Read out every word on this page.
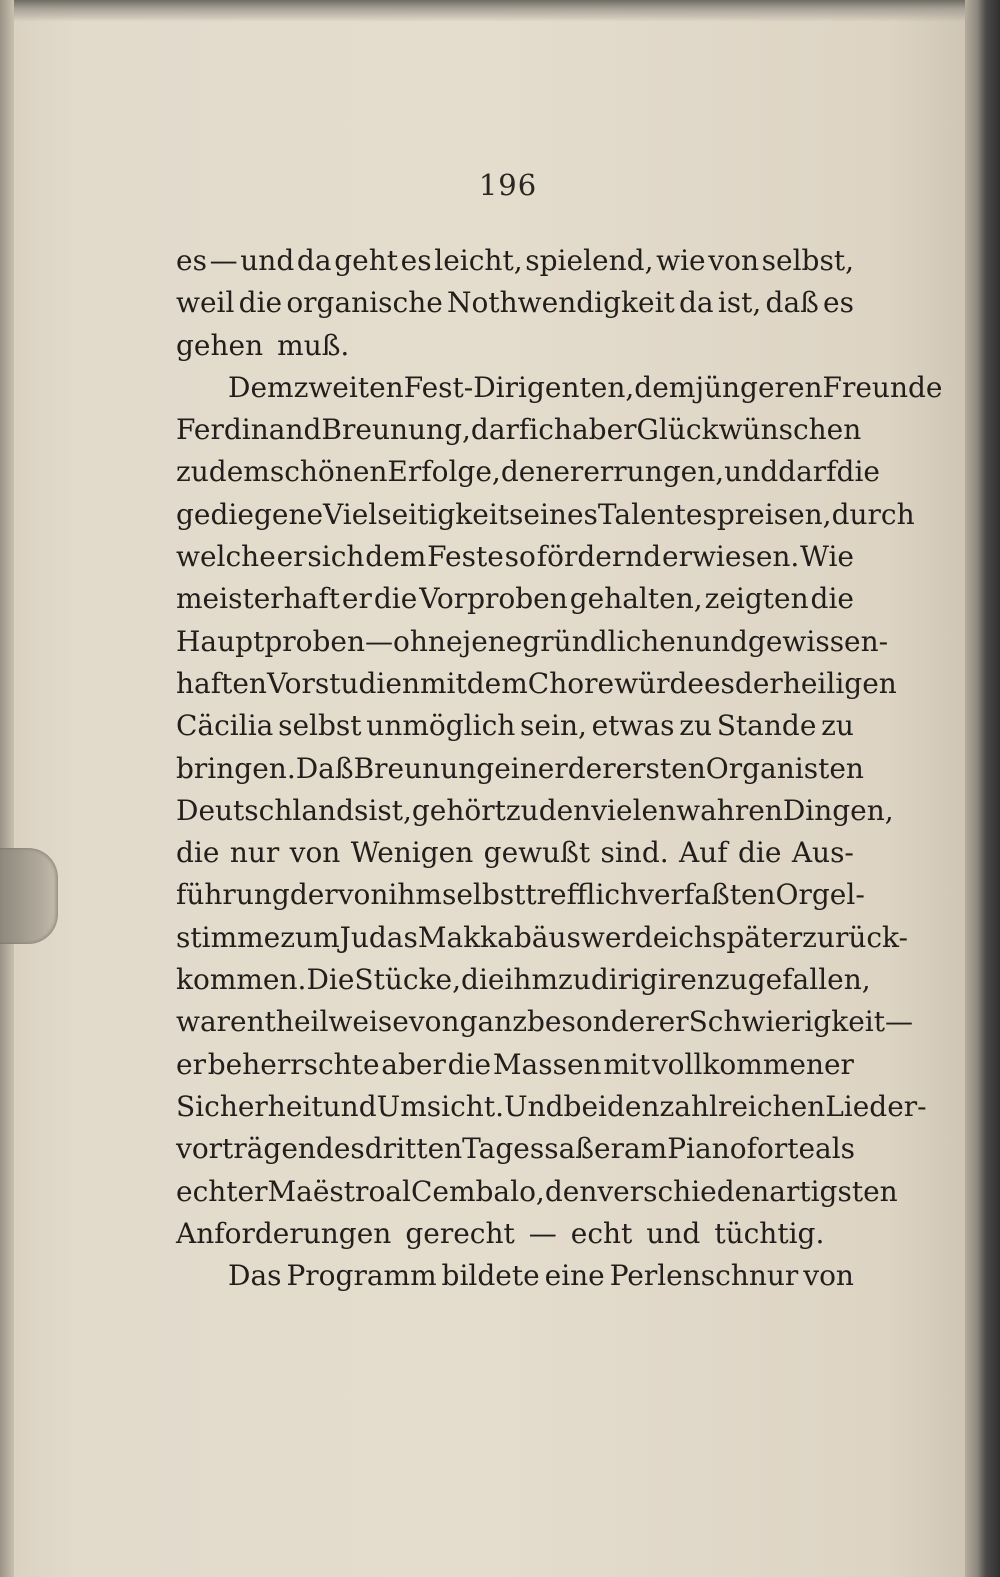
196
es — und da geht es leicht, spielend, wie von selbst,
weil die organische Nothwendigkeit da ist, daß es
gehen muß.
Dem zweiten Fest-Dirigenten, dem jüngeren Freunde
Ferdinand Breunung, darf ich aber Glück wünschen
zu dem schönen Erfolge, den er errungen, und darf die
gediegene Vielseitigkeit seines Talentes preisen, durch
welche er sich dem Feste so fördernd erwiesen. Wie
meisterhaft er die Vorproben gehalten, zeigten die
Hauptproben — ohne jene gründlichen und gewissen-
haften Vorstudien mit dem Chore würde es der heiligen
Cäcilia selbst unmöglich sein, etwas zu Stande zu
bringen. Daß Breunung einer der ersten Organisten
Deutschlands ist, gehört zu den vielen wahren Dingen,
die nur von Wenigen gewußt sind. Auf die Aus-
führung der von ihm selbst trefflich verfaßten Orgel-
stimme zum Judas Makkabäus werde ich später zurück-
kommen. Die Stücke, die ihm zu dirigiren zugefallen,
waren theilweise von ganz besonderer Schwierigkeit —
er beherrschte aber die Massen mit vollkommener
Sicherheit und Umsicht. Und bei den zahlreichen Lieder-
vorträgen des dritten Tages saß er am Pianoforte als
echter Maëstro al Cembalo, den verschiedenartigsten
Anforderungen gerecht — echt und tüchtig.
Das Programm bildete eine Perlenschnur von
